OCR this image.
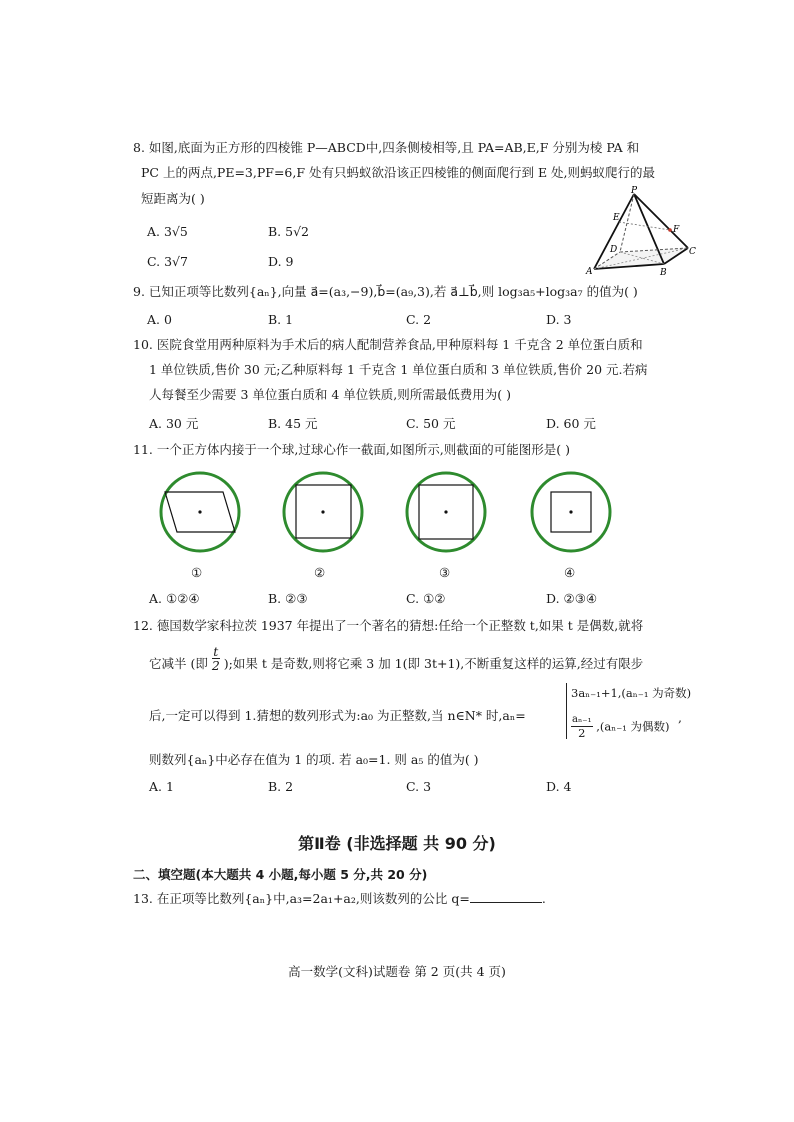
8. 如图,底面为正方形的四棱锥 P—ABCD中,四条侧棱相等,且 PA=AB,E,F 分别为棱 PA 和
PC 上的两点,PE=3,PF=6,F 处有只蚂蚁欲沿该正四棱锥的侧面爬行到 E 处,则蚂蚁爬行的最
短距离为( )
A. 3√5	B. 5√2
C. 3√7	D. 9
P
E
F
D	C
A	B
9. 已知正项等比数列{aₙ},向量 a⃗=(a₃,−9),b⃗=(a₉,3),若 a⃗⊥b⃗,则 log₃a₅+log₃a₇ 的值为( )
A. 0	B. 1	C. 2	D. 3
10. 医院食堂用两种原料为手术后的病人配制营养食品,甲种原料每 1 千克含 2 单位蛋白质和
1 单位铁质,售价 30 元;乙种原料每 1 千克含 1 单位蛋白质和 3 单位铁质,售价 20 元.若病
人每餐至少需要 3 单位蛋白质和 4 单位铁质,则所需最低费用为( )
A. 30 元	B. 45 元	C. 50 元	D. 60 元
11. 一个正方体内接于一个球,过球心作一截面,如图所示,则截面的可能图形是( )
①	②	③	④
A. ①②④	B. ②③	C. ①②	D. ②③④
12. 德国数学家科拉茨 1937 年提出了一个著名的猜想:任给一个正整数 t,如果 t 是偶数,就将
它减半 (即 $\frac{t}{2}$ );如果 t 是奇数,则将它乘 3 加 1(即 3t+1),不断重复这样的运算,经过有限步
后,一定可以得到 1.猜想的数列形式为:a₀ 为正整数,当 n∈N* 时,aₙ=
3aₙ₋₁+1,(aₙ₋₁ 为奇数)
$\frac{\text{aₙ₋₁}}{2} ,(a_{n-1}$ 为偶数)
,
则数列{aₙ}中必存在值为 1 的项. 若 a₀=1. 则 a₅ 的值为( )
A. 1	B. 2	C. 3	D. 4
第Ⅱ卷 (非选择题 共 90 分)
二、填空题(本大题共 4 小题,每小题 5 分,共 20 分)
13. 在正项等比数列{aₙ}中,a₃=2a₁+a₂,则该数列的公比 q=	.
高一数学(文科)试题卷 第 2 页(共 4 页)
